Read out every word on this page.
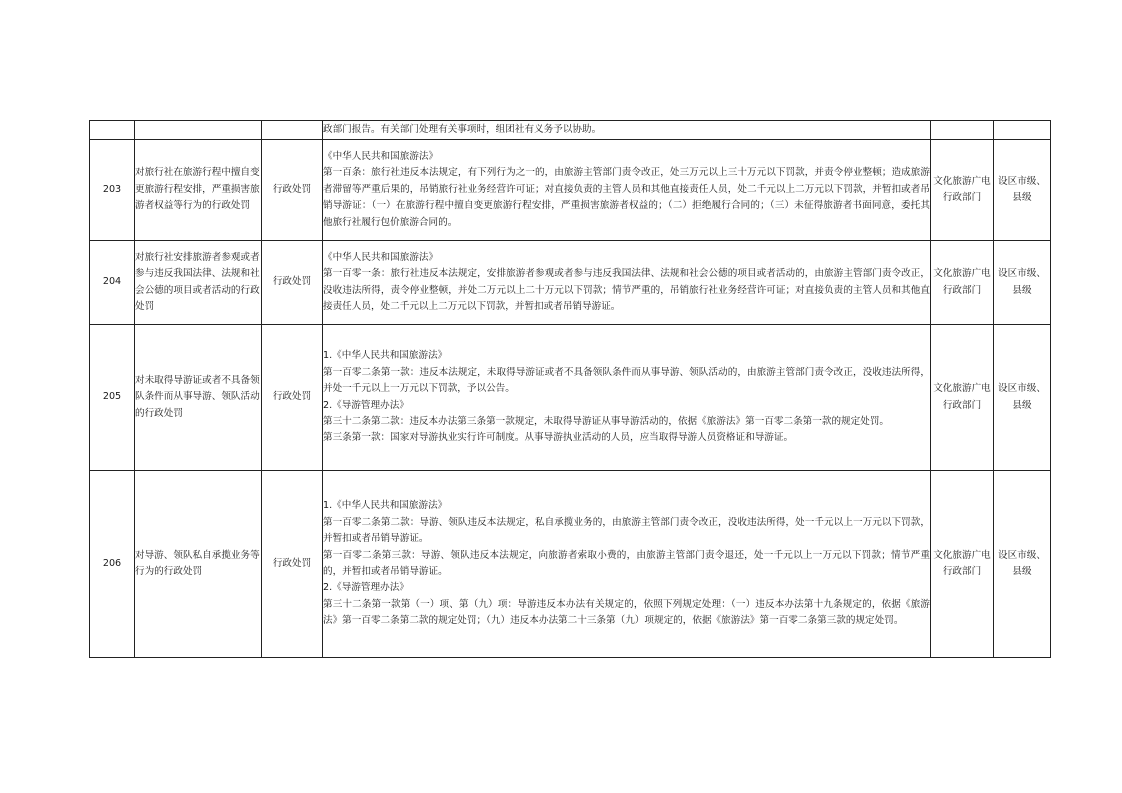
			政部门报告。有关部门处理有关事项时，组团社有义务予以协助。		

203	对旅行社在旅游行程中擅自变更旅游行程安排，严重损害旅游者权益等行为的行政处罚	行政处罚	《中华人民共和国旅游法》
第一百条：旅行社违反本法规定，有下列行为之一的，由旅游主管部门责令改正，处三万元以上三十万元以下罚款，并责令停业整顿；造成旅游者滞留等严重后果的，吊销旅行社业务经营许可证；对直接负责的主管人员和其他直接责任人员，处二千元以上二万元以下罚款，并暂扣或者吊销导游证：（一）在旅游行程中擅自变更旅游行程安排，严重损害旅游者权益的；（二）拒绝履行合同的；（三）未征得旅游者书面同意，委托其他旅行社履行包价旅游合同的。	文化旅游广电行政部门	设区市级、县级
204	对旅行社安排旅游者参观或者参与违反我国法律、法规和社会公德的项目或者活动的行政处罚	行政处罚	《中华人民共和国旅游法》
第一百零一条：旅行社违反本法规定，安排旅游者参观或者参与违反我国法律、法规和社会公德的项目或者活动的，由旅游主管部门责令改正，没收违法所得，责令停业整顿，并处二万元以上二十万元以下罚款；情节严重的，吊销旅行社业务经营许可证；对直接负责的主管人员和其他直接责任人员，处二千元以上二万元以下罚款，并暂扣或者吊销导游证。	文化旅游广电行政部门	设区市级、县级
205	对未取得导游证或者不具备领队条件而从事导游、领队活动的行政处罚	行政处罚	1.《中华人民共和国旅游法》
第一百零二条第一款：违反本法规定，未取得导游证或者不具备领队条件而从事导游、领队活动的，由旅游主管部门责令改正，没收违法所得，并处一千元以上一万元以下罚款，予以公告。
2.《导游管理办法》
第三十二条第二款：违反本办法第三条第一款规定，未取得导游证从事导游活动的，依据《旅游法》第一百零二条第一款的规定处罚。
第三条第一款：国家对导游执业实行许可制度。从事导游执业活动的人员，应当取得导游人员资格证和导游证。	文化旅游广电行政部门	设区市级、县级
206	对导游、领队私自承揽业务等行为的行政处罚	行政处罚	1.《中华人民共和国旅游法》
第一百零二条第二款：导游、领队违反本法规定，私自承揽业务的，由旅游主管部门责令改正，没收违法所得，处一千元以上一万元以下罚款，并暂扣或者吊销导游证。
第一百零二条第三款：导游、领队违反本法规定，向旅游者索取小费的，由旅游主管部门责令退还，处一千元以上一万元以下罚款；情节严重的，并暂扣或者吊销导游证。
2.《导游管理办法》
第三十二条第一款第（一）项、第（九）项：导游违反本办法有关规定的，依照下列规定处理：（一）违反本办法第十九条规定的，依据《旅游法》第一百零二条第二款的规定处罚；（九）违反本办法第二十三条第（九）项规定的，依据《旅游法》第一百零二条第三款的规定处罚。	文化旅游广电行政部门	设区市级、县级
